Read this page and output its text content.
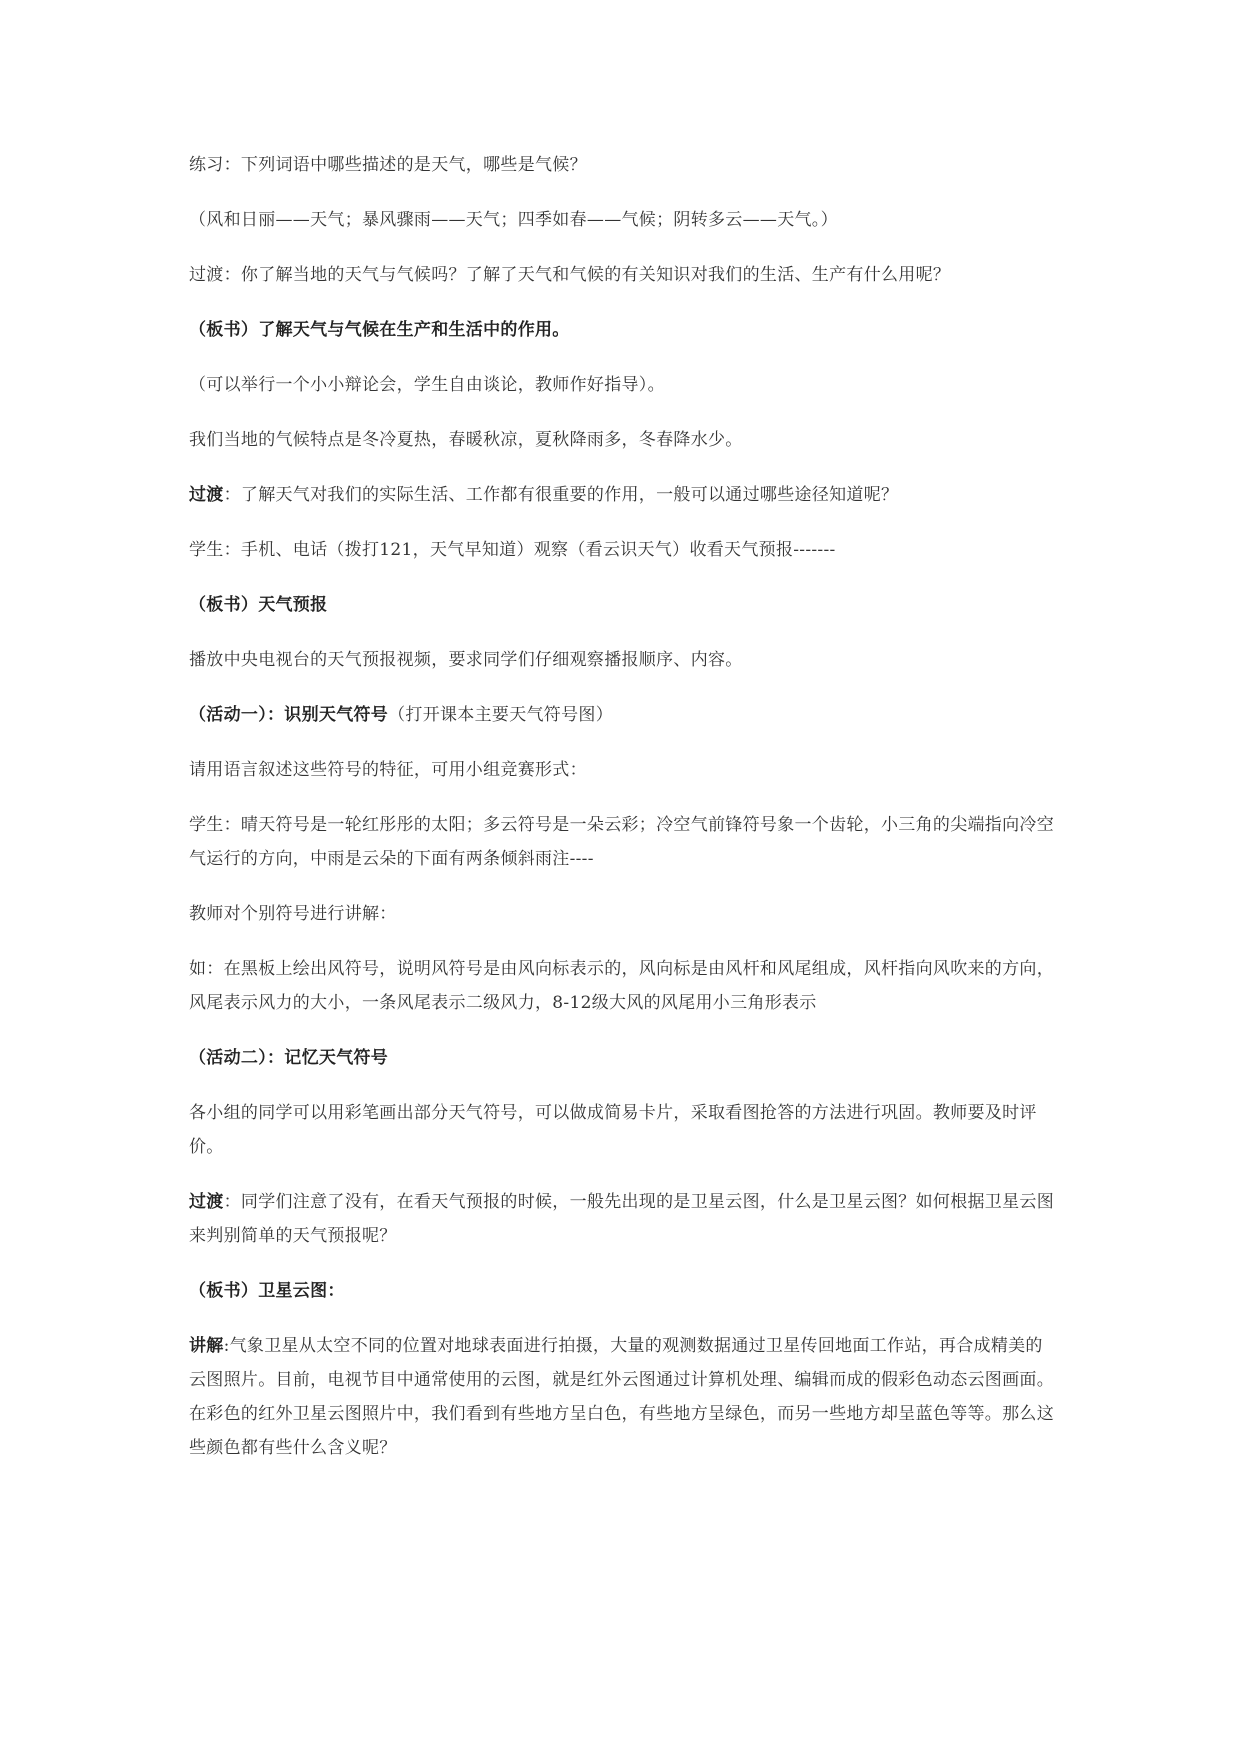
练习：下列词语中哪些描述的是天气，哪些是气候？
（风和日丽——天气；暴风骤雨——天气；四季如春——气候；阴转多云——天气。）
过渡：你了解当地的天气与气候吗？了解了天气和气候的有关知识对我们的生活、生产有什么用呢？
（板书）了解天气与气候在生产和生活中的作用。
（可以举行一个小小辩论会，学生自由谈论，教师作好指导）。
我们当地的气候特点是冬冷夏热，春暖秋凉，夏秋降雨多，冬春降水少。
过渡：了解天气对我们的实际生活、工作都有很重要的作用，一般可以通过哪些途径知道呢？
学生：手机、电话（拨打121，天气早知道）观察（看云识天气）收看天气预报-------
（板书）天气预报
播放中央电视台的天气预报视频，要求同学们仔细观察播报顺序、内容。
（活动一）：识别天气符号（打开课本主要天气符号图）
请用语言叙述这些符号的特征，可用小组竞赛形式：
学生：晴天符号是一轮红彤彤的太阳；多云符号是一朵云彩；冷空气前锋符号象一个齿轮，小三角的尖端指向冷空气运行的方向，中雨是云朵的下面有两条倾斜雨注----
教师对个别符号进行讲解：
如：在黑板上绘出风符号，说明风符号是由风向标表示的，风向标是由风杆和风尾组成，风杆指向风吹来的方向，风尾表示风力的大小，一条风尾表示二级风力，8-12级大风的风尾用小三角形表示
（活动二）：记忆天气符号
各小组的同学可以用彩笔画出部分天气符号，可以做成简易卡片，采取看图抢答的方法进行巩固。教师要及时评价。
过渡：同学们注意了没有，在看天气预报的时候，一般先出现的是卫星云图，什么是卫星云图？如何根据卫星云图来判别简单的天气预报呢？
（板书）卫星云图：
讲解:气象卫星从太空不同的位置对地球表面进行拍摄，大量的观测数据通过卫星传回地面工作站，再合成精美的云图照片。目前，电视节目中通常使用的云图，就是红外云图通过计算机处理、编辑而成的假彩色动态云图画面。在彩色的红外卫星云图照片中，我们看到有些地方呈白色，有些地方呈绿色，而另一些地方却呈蓝色等等。那么这些颜色都有些什么含义呢？
